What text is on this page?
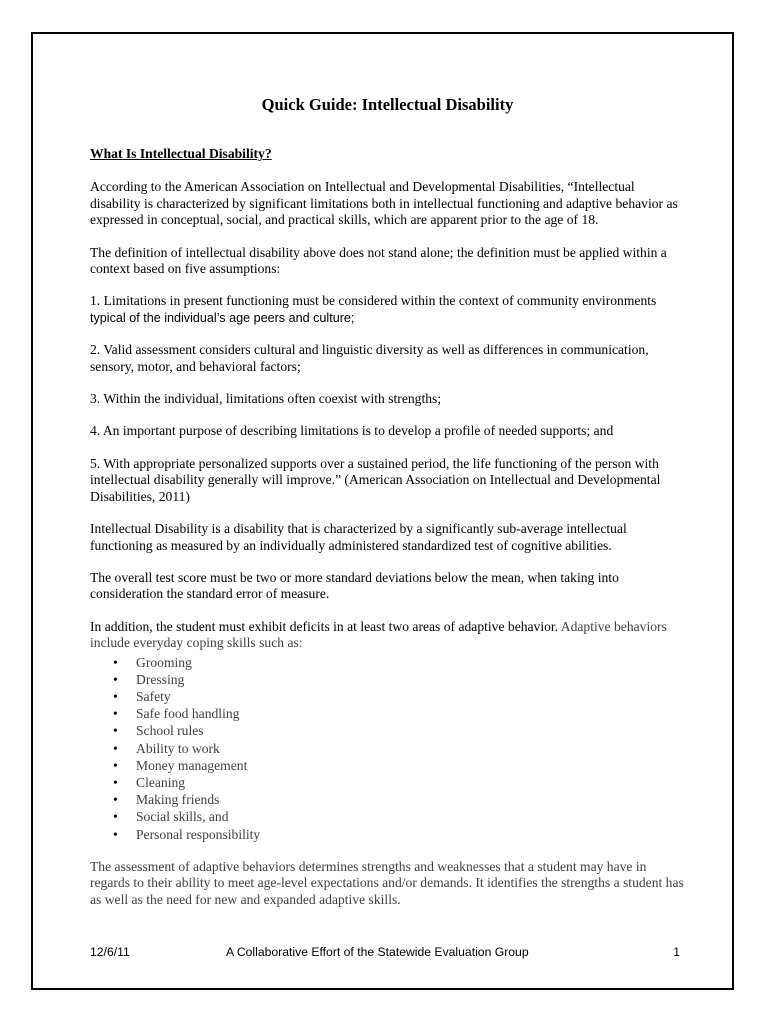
Quick Guide: Intellectual Disability
What Is Intellectual Disability?

According to the American Association on Intellectual and Developmental Disabilities, “Intellectual disability is characterized by significant limitations both in intellectual functioning and adaptive behavior as expressed in conceptual, social, and practical skills, which are apparent prior to the age of 18.

The definition of intellectual disability above does not stand alone; the definition must be applied within a context based on five assumptions:

1. Limitations in present functioning must be considered within the context of community environments
typical of the individual’s age peers and culture;

2. Valid assessment considers cultural and linguistic diversity as well as differences in communication, sensory, motor, and behavioral factors;

3. Within the individual, limitations often coexist with strengths;

4. An important purpose of describing limitations is to develop a profile of needed supports; and

5. With appropriate personalized supports over a sustained period, the life functioning of the person with intellectual disability generally will improve.” (American Association on Intellectual and Developmental Disabilities, 2011)

Intellectual Disability is a disability that is characterized by a significantly sub-average intellectual functioning as measured by an individually administered standardized test of cognitive abilities.

The overall test score must be two or more standard deviations below the mean, when taking into consideration the standard error of measure.

In addition, the student must exhibit deficits in at least two areas of adaptive behavior. Adaptive behaviors include everyday coping skills such as:

• Grooming
• Dressing
• Safety
• Safe food handling
• School rules
• Ability to work
• Money management
• Cleaning
• Making friends
• Social skills, and
• Personal responsibility

The assessment of adaptive behaviors determines strengths and weaknesses that a student may have in regards to their ability to meet age-level expectations and/or demands. It identifies the strengths a student has as well as the need for new and expanded adaptive skills.

12/6/11	A Collaborative Effort of the Statewide Evaluation Group	1
